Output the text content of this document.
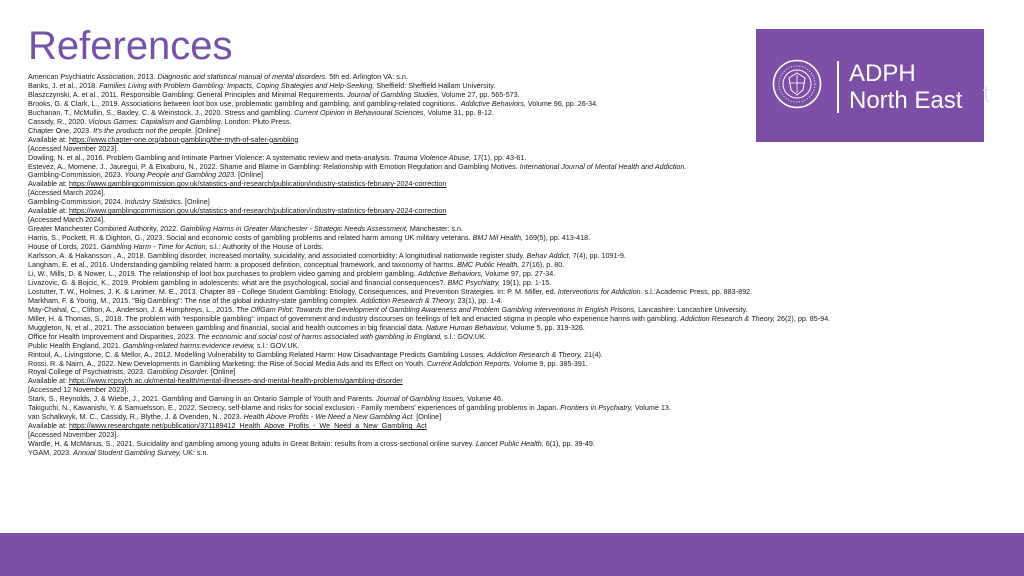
References
ADPH
North East t
American Psychiatric Association, 2013. Diagnostic and statistical manual of mental disorders. 5th ed. Arlington VA: s.n.
Banks, J. et al., 2018. Families Living with Problem Gambling: Impacts, Coping Strategies and Help-Seeking, Sheffield: Sheffield Hallam University.
Blaszczynski, A. et al., 2011. Responsible Gambling: General Principles and Minimal Requirements. Journal of Gambling Studies, Volume 27, pp. 565-573.
Brooks, G. & Clark, L., 2019. Associations between loot box use, problematic gambling and gambling, and gambling-related cognitions.. Addictive Behaviors, Volume 96, pp. 26-34.
Buchanan, T., McMullin, S., Baxley, C. & Weinstock, J., 2020. Stress and gambling. Current Opinion in Behavioural Sciences, Volume 31, pp. 8-12.
Cassidy, R., 2020. Vicious Games: Capitalism and Gambling. London: Pluto Press.
Chapter One, 2023. It's the products not the people. [Online]
Available at: https://www.chapter-one.org/about-gambling/the-myth-of-safer-gambling
[Accessed November 2023].
Dowling, N. et al., 2016. Problem Gambling and Intimate Partner Violence: A systematic review and meta-analysis. Trauma Violence Abuse, 17(1), pp. 43-61.
Estevez, A., Momene, J., Jauregui, P. & Etxaburu, N., 2022. Shame and Blame in Gambling: Relationship with Emotion Regulation and Gambling Motives. International Journal of Mental Health and Addiction.
Gambling-Commission, 2023. Young People and Gambling 2023. [Online]
Available at: https://www.gamblingcommission.gov.uk/statistics-and-research/publication/industry-statistics-february-2024-correction
[Accessed March 2024].
Gambling-Commission, 2024. Industry Statistics. [Online]
Available at: https://www.gamblingcommission.gov.uk/statistics-and-research/publication/industry-statistics-february-2024-correction
[Accessed March 2024].
Greater Manchester Combined Authority, 2022. Gambling Harms in Greater Manchester - Strategic Needs Assessment, Manchester: s.n.
Harris, S., Pockett, R. & Dighton, G., 2023. Social and economic costs of gambling problems and related harm among UK military veterans. BMJ Mil Health, 169(5), pp. 413-418.
House of Lords, 2021. Gambling Harm - Time for Action, s.l.: Authority of the House of Lords.
Karlsson, A. & Hakansson , A., 2018. Gambling disorder, increased mortality, suicidality, and associated comorbidity: A longitudinal nationwide register study. Behav Addict, 7(4), pp. 1091-9.
Langham, E. et al., 2016. Understanding gambling related harm: a proposed defintion, conceptual framework, and taxonomy of harms. BMC Public Health, 27(16), p. 80.
Li, W., Mills, D. & Nower, L., 2019. The relationship of loot box purchases to problem video gaming and problem gambling. Addictive Behaviors, Volume 97, pp. 27-34.
Livazovic, G. & Bojcic, K., 2019. Problem gambling in adolescents: what are the psychological, social and financial consequences?. BMC Psychiatry, 19(1), pp. 1-15.
Lostutter, T. W., Holmes, J. K. & Larimer, M. E., 2013. Chapter 89 - College Student Gambling: Etiology, Consequences, and Prevention Strategies. In: P. M. Miller, ed. Interventions for Addiction. s.l.:Academic Press, pp. 883-892.
Markham, F. & Young, M., 2015. "Big Gambling": The rise of the global industry-state gambling complex. Addiction Research & Theory, 23(1), pp. 1-4.
May-Chahal, C., Clifton, A., Anderson, J. & Humphreys, L., 2015. The OffGam Pilot: Towards the Development of Gambling Awareness and Problem Gambling interventions in English Prisons, Lancashire: Lancashire University.
Miller, H. & Thomas, S., 2018. The problem with 'responsible gambling': impact of government and industry discourses on feelings of felt and enacted stigma in people who experience harms with gambling. Addiction Research & Theory, 26(2), pp. 85-94.
Muggleton, N. et al., 2021. The association between gambling and financial, social and health outcomes in big financial data. Nature Human Behaviour, Volume 5, pp. 319-326.
Office for Health Improvement and Disparities, 2023. The economic and social cost of harms associated with gambling in England, s.l.: GOV.UK.
Public Health England, 2021. Gambling-related harms:evidence review, s.l.: GOV.UK.
Rintoul, A., Livingstone, C. & Mellor, A., 2012. Modelling Vulnerability to Gambling Related Harm: How Disadvantage Predicts Gambling Losses. Addiction Research & Theory, 21(4).
Rossi, R. & Nairn, A., 2022. New Developments in Gambling Marketing: the Rise of Social Media Ads and Its Effect on Youth. Current Addiction Reports, Volume 9, pp. 385-391.
Royal College of Psychiatrists, 2023. Gambling Disorder. [Online]
Available at: https://www.rcpsych.ac.uk/mental-health/mental-illnesses-and-mental-health-problems/gambling-disorder
[Accessed 12 November 2023].
Stark, S., Reynolds, J. & Wiebe, J., 2021. Gambling and Gaming in an Ontario Sample of Youth and Parents. Journal of Gambling Issues, Volume 46.
Takiguchi, N., Kawanishi, Y. & Samuelsson, E., 2022. Secrecy, self-blame and risks for social exclusion - Family members' experiences of gambling problems in Japan. Frontiers in Psychiatry, Volume 13.
van Schalkwyk, M. C., Cassidy, R., Blythe, J. & Ovenden, N., 2023. Health Above Profits - We Need a New Gambling Act. [Online]
Available at: https://www.researchgate.net/publication/371189412_Health_Above_Profits_-_We_Need_a_New_Gambling_Act
[Accessed November 2023].
Wardle, H. & McManus, S., 2021. Suicidality and gambling among young adults in Great Britain: results from a cross-sectional online survey. Lancet Public Health, 6(1), pp. 39-49.
YGAM, 2023. Annual Student Gambling Survey, UK: s.n.
